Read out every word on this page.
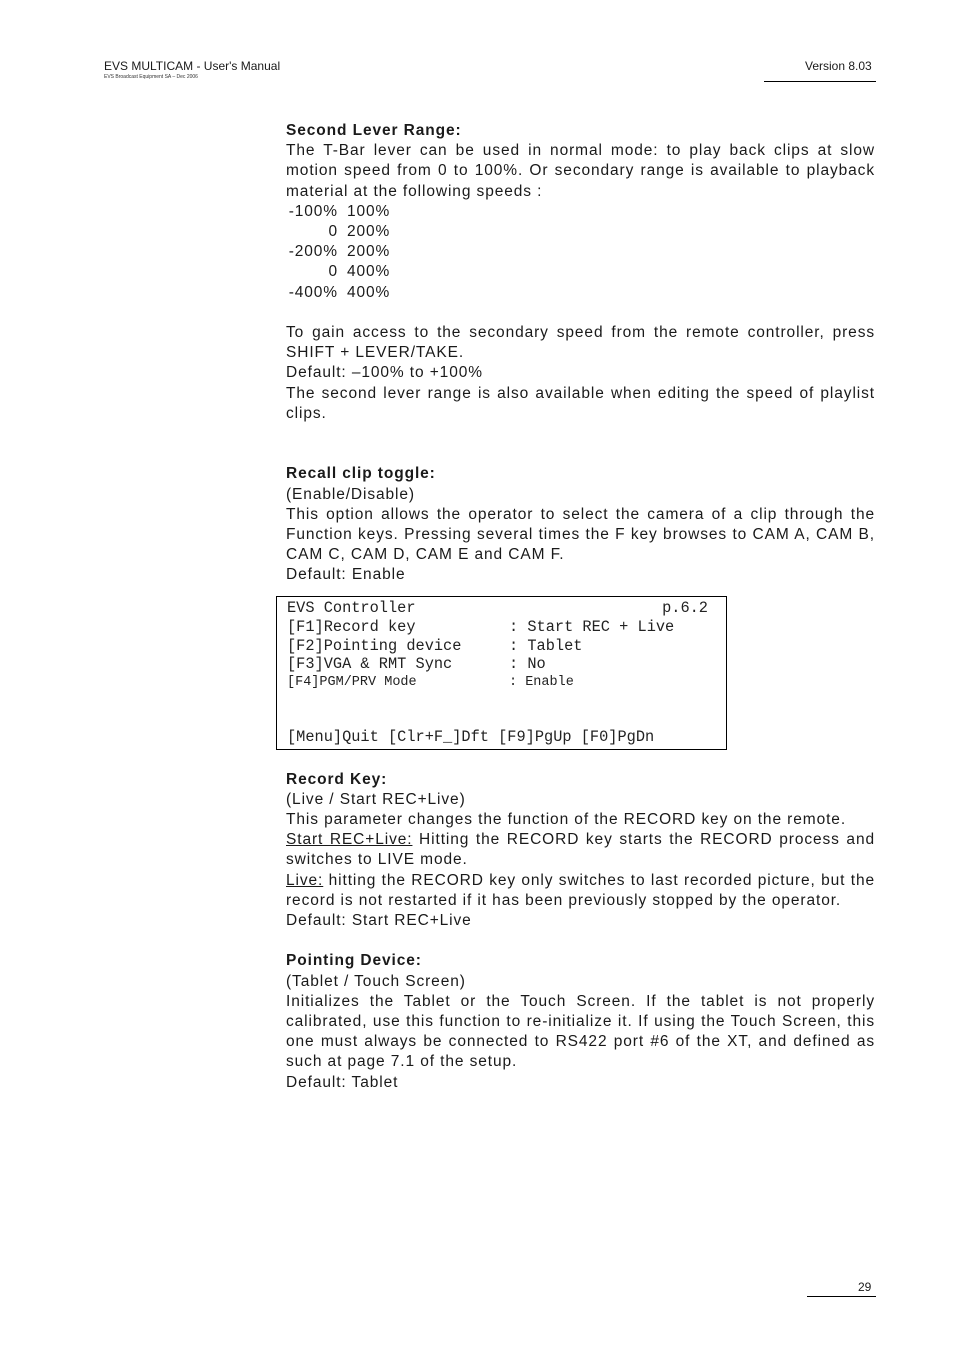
EVS MULTICAM - User's Manual
EVS Broadcast Equipment SA – Dec 2006
Version 8.03

Second Lever Range:

The T-Bar lever can be used in normal mode: to play back clips at slow motion speed from 0 to 100%. Or secondary range is available to playback material at the following speeds :

-100% 100%
0 200%
-200% 200%
0 400%
-400% 400%

To gain access to the secondary speed from the remote controller, press SHIFT + LEVER/TAKE.

Default: –100% to +100%

The second lever range is also available when editing the speed of playlist clips.

Recall clip toggle:

(Enable/Disable)

This option allows the operator to select the camera of a clip through the Function keys. Pressing several times the F key browses to CAM A, CAM B, CAM C, CAM D, CAM E and CAM F.

Default: Enable

EVS Controller	p.6.2
[F1]Record key	: Start REC + Live
[F2]Pointing device	: Tablet
[F3]VGA & RMT Sync	: No
[F4]PGM/PRV Mode	: Enable
[Menu]Quit [Clr+F_]Dft [F9]PgUp [F0]PgDn

Record Key:

(Live / Start REC+Live)

This parameter changes the function of the RECORD key on the remote.

Start REC+Live: Hitting the RECORD key starts the RECORD process and switches to LIVE mode.

Live: hitting the RECORD key only switches to last recorded picture, but the record is not restarted if it has been previously stopped by the operator.

Default: Start REC+Live

Pointing Device:

(Tablet / Touch Screen)

Initializes the Tablet or the Touch Screen. If the tablet is not properly calibrated, use this function to re-initialize it. If using the Touch Screen, this one must always be connected to RS422 port #6 of the XT, and defined as such at page 7.1 of the setup.

Default: Tablet

29
